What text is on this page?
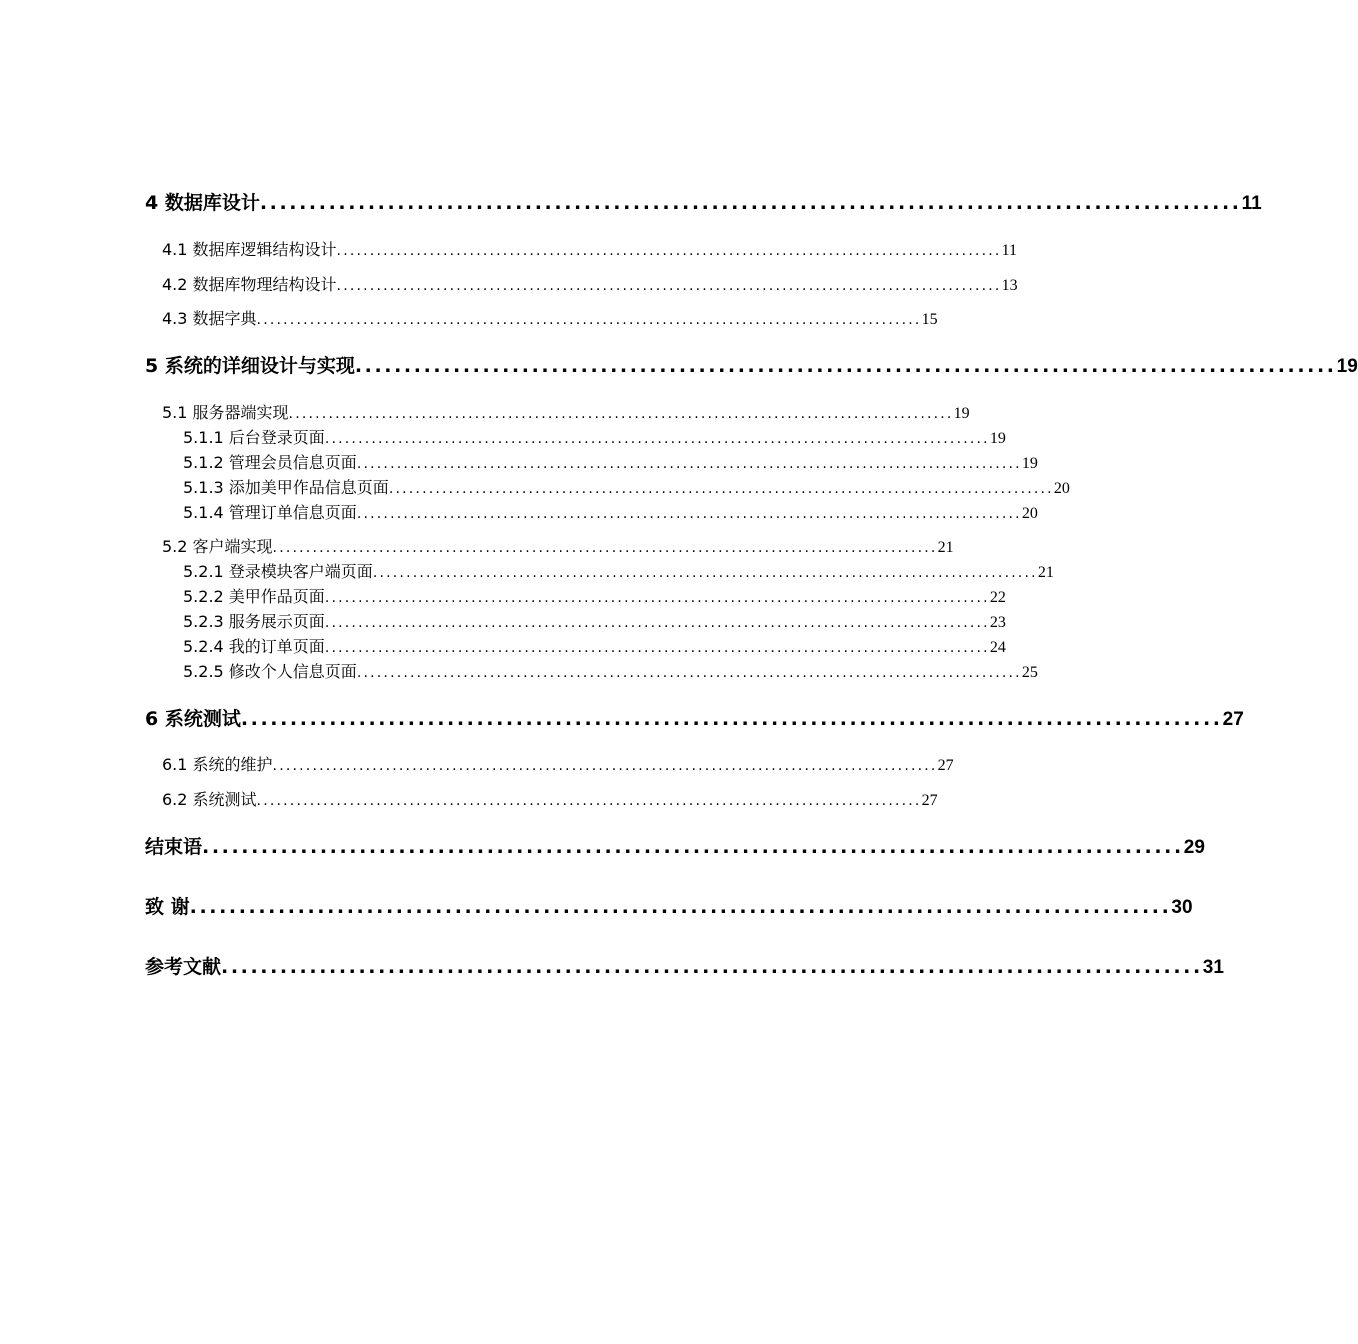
4 数据库设计 .................................................................................................... 11
4.1 数据库逻辑结构设计 .................................................................................................... 11
4.2 数据库物理结构设计 .................................................................................................... 13
4.3 数据字典 .................................................................................................... 15
5 系统的详细设计与实现 .................................................................................................... 19
5.1 服务器端实现 .................................................................................................... 19
5.1.1 后台登录页面 .................................................................................................... 19
5.1.2 管理会员信息页面 .................................................................................................... 19
5.1.3 添加美甲作品信息页面 .................................................................................................... 20
5.1.4 管理订单信息页面 .................................................................................................... 20
5.2 客户端实现 .................................................................................................... 21
5.2.1 登录模块客户端页面 .................................................................................................... 21
5.2.2 美甲作品页面 .................................................................................................... 22
5.2.3 服务展示页面 .................................................................................................... 23
5.2.4 我的订单页面 .................................................................................................... 24
5.2.5 修改个人信息页面 .................................................................................................... 25
6 系统测试 .................................................................................................... 27
6.1 系统的维护 .................................................................................................... 27
6.2 系统测试 .................................................................................................... 27
结束语 .................................................................................................... 29
致 谢 .................................................................................................... 30
参考文献 .................................................................................................... 31
